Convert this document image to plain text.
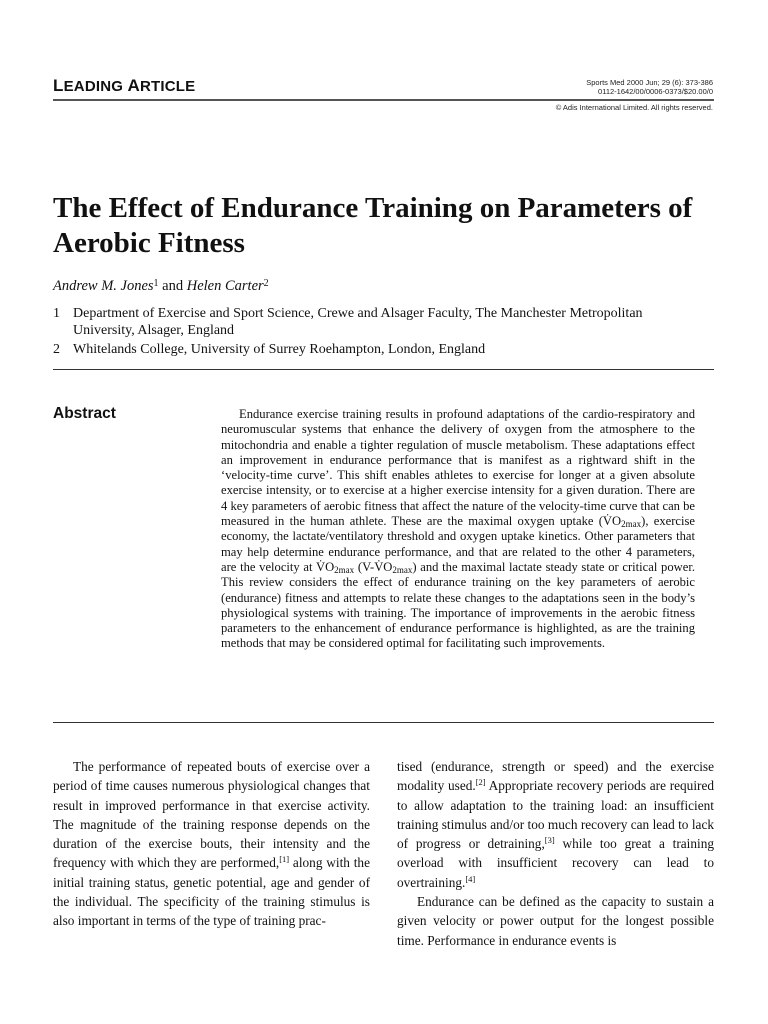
LEADING ARTICLE	Sports Med 2000 Jun; 29 (6): 373-386
0112-1642/00/0006-0373/$20.00/0
© Adis International Limited. All rights reserved.
The Effect of Endurance Training on Parameters of Aerobic Fitness
Andrew M. Jones$^1$ and Helen Carter$^2$
1 Department of Exercise and Sport Science, Crewe and Alsager Faculty, The Manchester Metropolitan University, Alsager, England
2 Whitelands College, University of Surrey Roehampton, London, England
Abstract	Endurance exercise training results in profound adaptations of the cardio-respiratory and neuromuscular systems that enhance the delivery of oxygen from the atmosphere to the mitochondria and enable a tighter regulation of muscle metabolism. These adaptations effect an improvement in endurance performance that is manifest as a rightward shift in the ‘velocity-time curve’. This shift enables athletes to exercise for longer at a given absolute exercise intensity, or to exercise at a higher exercise intensity for a given duration. There are 4 key parameters of aerobic fitness that affect the nature of the velocity-time curve that can be measured in the human athlete. These are the maximal oxygen uptake $(V̇O_{2max})$, exercise economy, the lactate/ventilatory threshold and oxygen uptake kinetics. Other parameters that may help determine endurance performance, and that are related to the other 4 parameters, are the velocity at $V̇O_{2max}$ $(V-V̇O_{2max})$ and the maximal lactate steady state or critical power. This review considers the effect of endurance training on the key parameters of aerobic (endurance) fitness and attempts to relate these changes to the adaptations seen in the body’s physiological systems with training. The importance of improvements in the aerobic fitness parameters to the enhancement of endurance performance is highlighted, as are the training methods that may be considered optimal for facilitating such improvements.

The performance of repeated bouts of exercise over a period of time causes numerous physiological changes that result in improved performance in that exercise activity. The magnitude of the training response depends on the duration of the exercise bouts, their intensity and the frequency with which they are performed,[1] along with the initial training status, genetic potential, age and gender of the individual. The specificity of the training stimulus is also important in terms of the type of training prac-

tised (endurance, strength or speed) and the exercise modality used.[2] Appropriate recovery periods are required to allow adaptation to the training load: an insufficient training stimulus and/or too much recovery can lead to lack of progress or detraining,[3] while too great a training overload with insufficient recovery can lead to overtraining.[4]

Endurance can be defined as the capacity to sustain a given velocity or power output for the longest possible time. Performance in endurance events is
